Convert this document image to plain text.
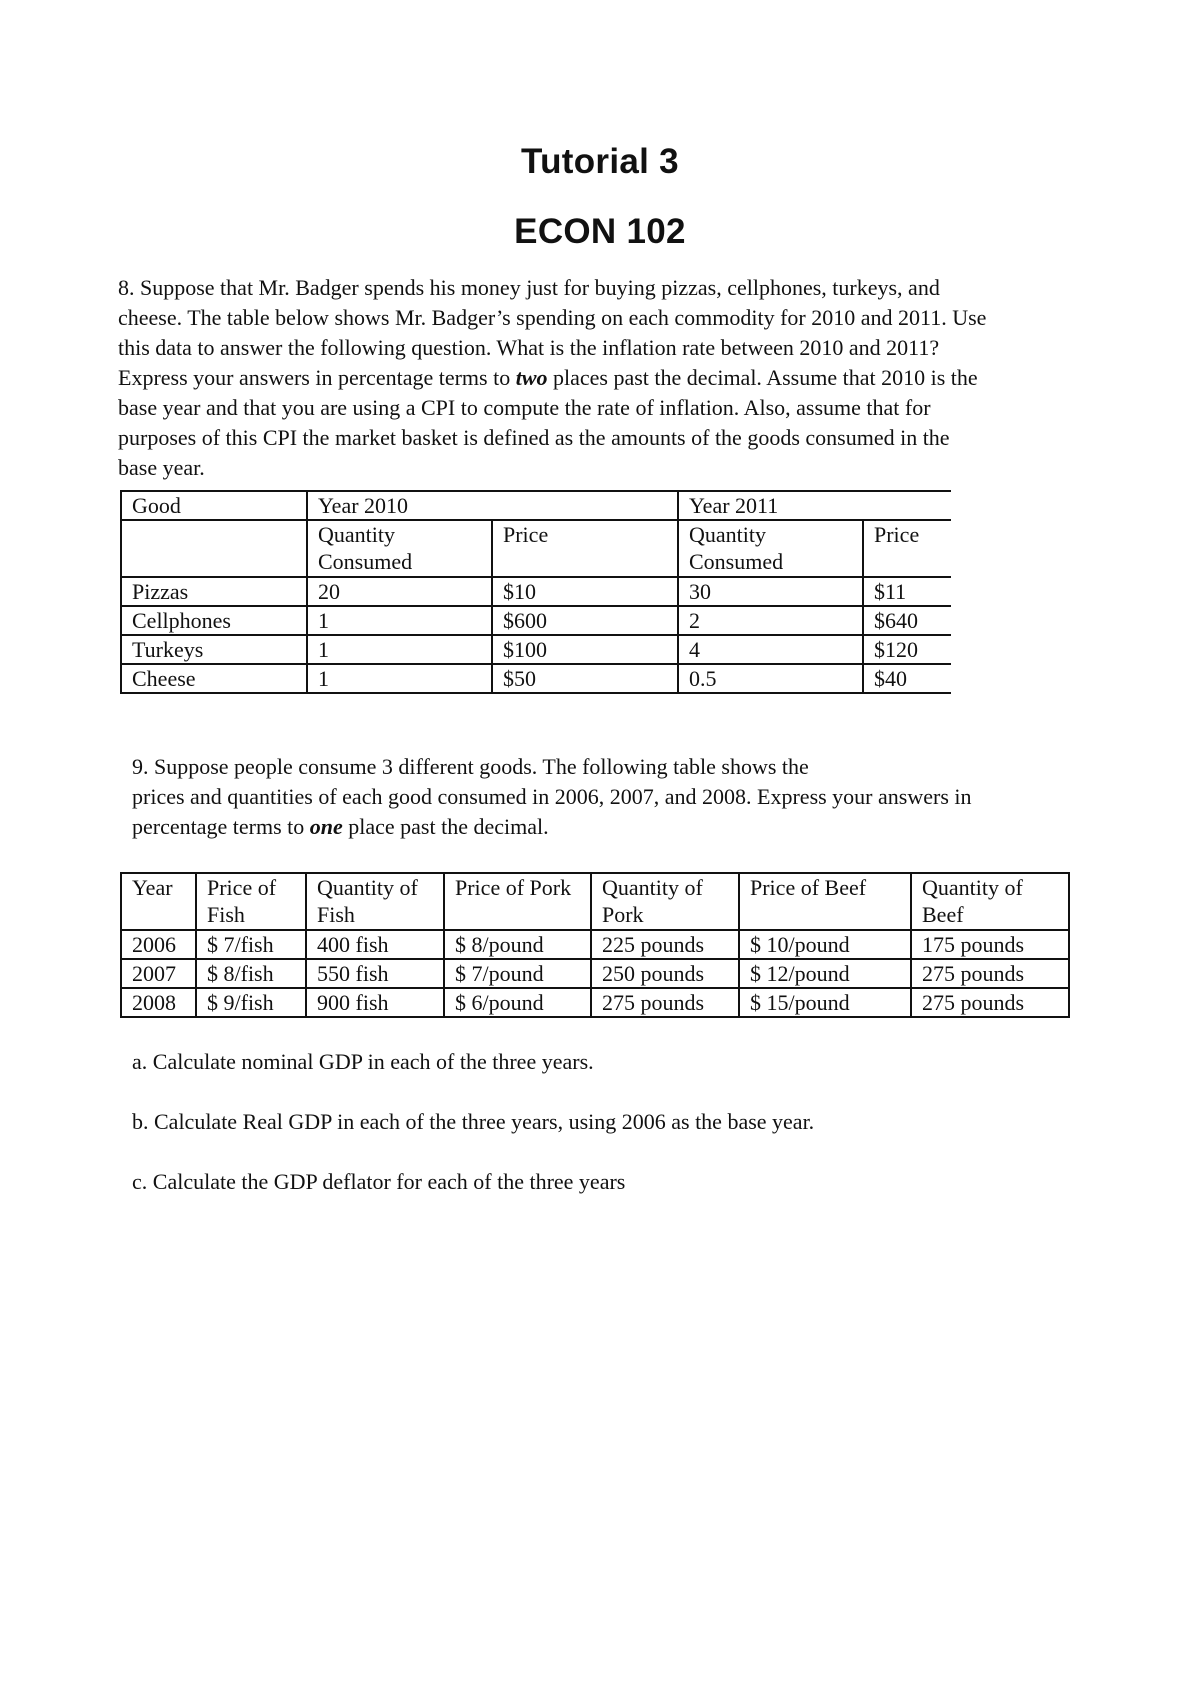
Tutorial 3
ECON 102
8. Suppose that Mr. Badger spends his money just for buying pizzas, cellphones, turkeys, and
cheese. The table below shows Mr. Badger’s spending on each commodity for 2010 and 2011. Use
this data to answer the following question. What is the inflation rate between 2010 and 2011?
Express your answers in percentage terms to two places past the decimal. Assume that 2010 is the
base year and that you are using a CPI to compute the rate of inflation. Also, assume that for
purposes of this CPI the market basket is defined as the amounts of the goods consumed in the
base year.
Good	Year 2010		Year 2011	
	Quantity Consumed	Price	Quantity Consumed	Price
Pizzas	20	$10	30	$11
Cellphones	1	$600	2	$640
Turkeys	1	$100	4	$120
Cheese	1	$50	0.5	$40
9. Suppose people consume 3 different goods. The following table shows the
prices and quantities of each good consumed in 2006, 2007, and 2008. Express your answers in
percentage terms to one place past the decimal.
Year	Price of Fish	Quantity of Fish	Price of Pork	Quantity of Pork	Price of Beef	Quantity of Beef
2006	$ 7/fish	400 fish	$ 8/pound	225 pounds	$ 10/pound	175 pounds
2007	$ 8/fish	550 fish	$ 7/pound	250 pounds	$ 12/pound	275 pounds
2008	$ 9/fish	900 fish	$ 6/pound	275 pounds	$ 15/pound	275 pounds

a. Calculate nominal GDP in each of the three years.

b. Calculate Real GDP in each of the three years, using 2006 as the base year.

c. Calculate the GDP deflator for each of the three years
